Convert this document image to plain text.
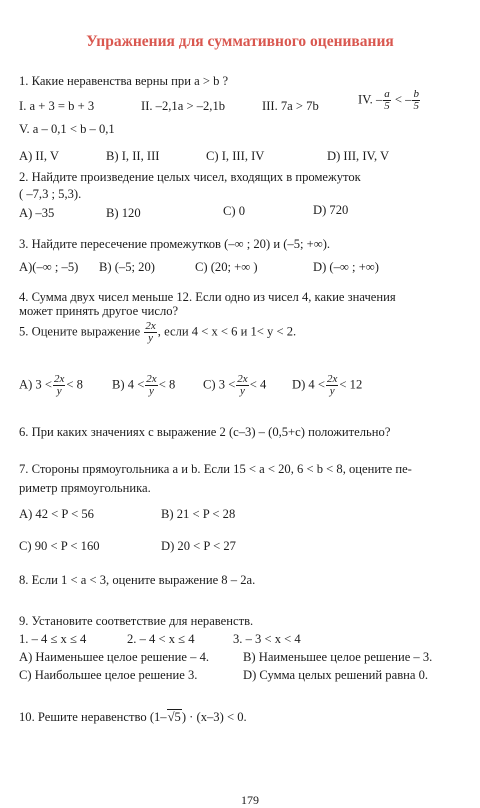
Упражнения для суммативного оценивания
1. Какие неравенства верны при a > b ?
I. a + 3 = b + 3	II. –2,1a > –2,1b	III. 7a > 7b	IV. – $\frac{a}{5}$ < – $\frac{b}{5}$
V. a – 0,1 < b – 0,1
A) II, V	B) I, II, III	C) I, III, IV	D) III, IV, V
2. Найдите произведение целых чисел, входящих в промежуток
( –7,3 ; 5,3).
A) –35	B) 120	C) 0	D) 720
3. Найдите пересечение промежутков (–∞ ; 20) и (–5; +∞).
A)(–∞ ; –5) B) (–5; 20)	C) (20; +∞ )	D) (–∞ ; +∞)
4. Сумма двух чисел меньше 12. Если одно из чисел 4, какие значения
может принять другое число?
5. Оцените выражение $\frac{2x}{y}$ , если 4 < x < 6 и 1< y < 2.
A) $3 < \frac{2x}{y} < 8$ B) $4 < \frac{2x}{y} < 8$ C) $3 < \frac{2x}{y} < 4$ D) $4 < \frac{2x}{y} < 12$
6. При каких значениях c выражение 2 (c–3) – (0,5+c) положительно?
7. Стороны прямоугольника a и b. Если 15 < a < 20, 6 < b < 8, оцените пе-
риметр прямоугольника.
A) 42 < P < 56	B) 21 < P < 28
C) 90 < P < 160	D) 20 < P < 27
8. Если 1 < a < 3, оцените выражение 8 – 2a.
9. Установите соответствие для неравенств.
1. – 4 ≤ x ≤ 4	2. – 4 < x ≤ 4	3. – 3 < x < 4
A) Наименьшее целое решение – 4.	B) Наименьшее целое решение – 3.
C) Наибольшее целое решение 3.	D) Сумма целых решений равна 0.
10. Решите неравенство (1–√5) · (x–3) < 0.
179
